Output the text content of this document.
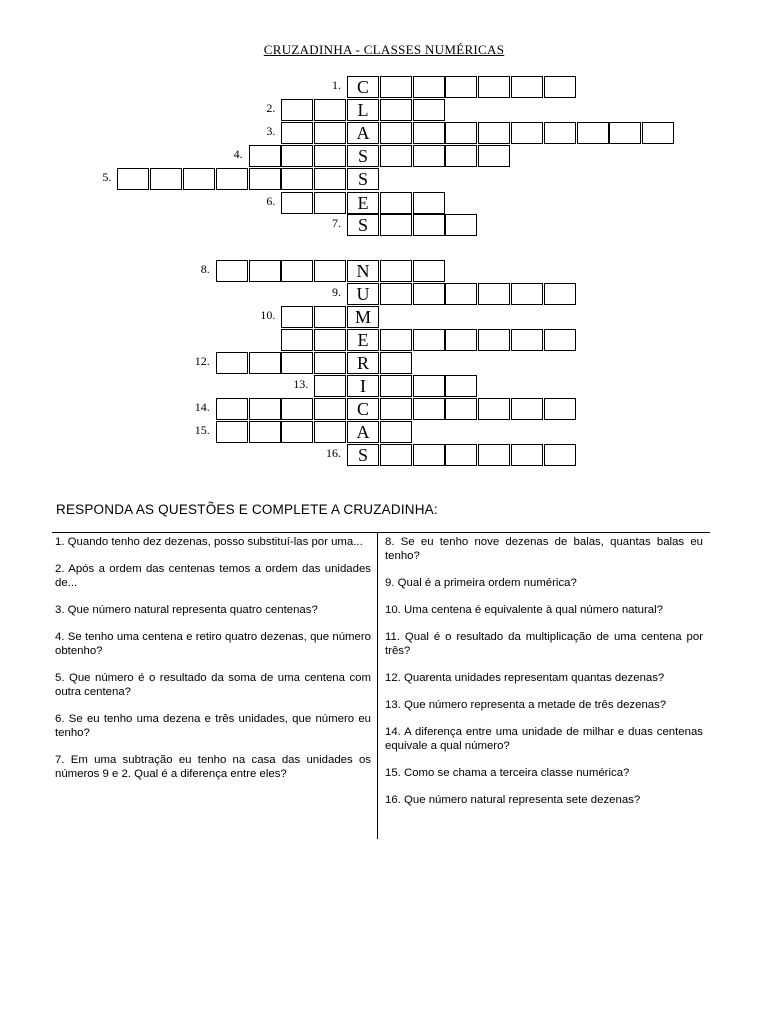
CRUZADINHA - CLASSES NUMÉRICAS
C
1.
L
2.
A
3.
S
4.
S
5.
E
6.
S
7.
N
8.
U
9.
M
10.
E
R
12.
I
13.
C
14.
A
15.
S
16.
RESPONDA AS QUESTÕES E COMPLETE A CRUZADINHA:

1. Quando tenho dez dezenas, posso substituí-las por uma...

2. Após a ordem das centenas temos a ordem das unidades de...

3. Que número natural representa quatro centenas?

4. Se tenho uma centena e retiro quatro dezenas, que número obtenho?

5. Que número é o resultado da soma de uma centena com outra centena?

6. Se eu tenho uma dezena e três unidades, que número eu tenho?

7. Em uma subtração eu tenho na casa das unidades os números 9 e 2. Qual é a diferença entre eles?

8. Se eu tenho nove dezenas de balas, quantas balas eu tenho?

9. Qual é a primeira ordem numérica?

10. Uma centena é equivalente à qual número natural?

11. Qual é o resultado da multiplicação de uma centena por três?

12. Quarenta unidades representam quantas dezenas?

13. Que número representa a metade de três dezenas?

14. A diferença entre uma unidade de milhar e duas centenas equivale a qual número?

15. Como se chama a terceira classe numérica?

16. Que número natural representa sete dezenas?
